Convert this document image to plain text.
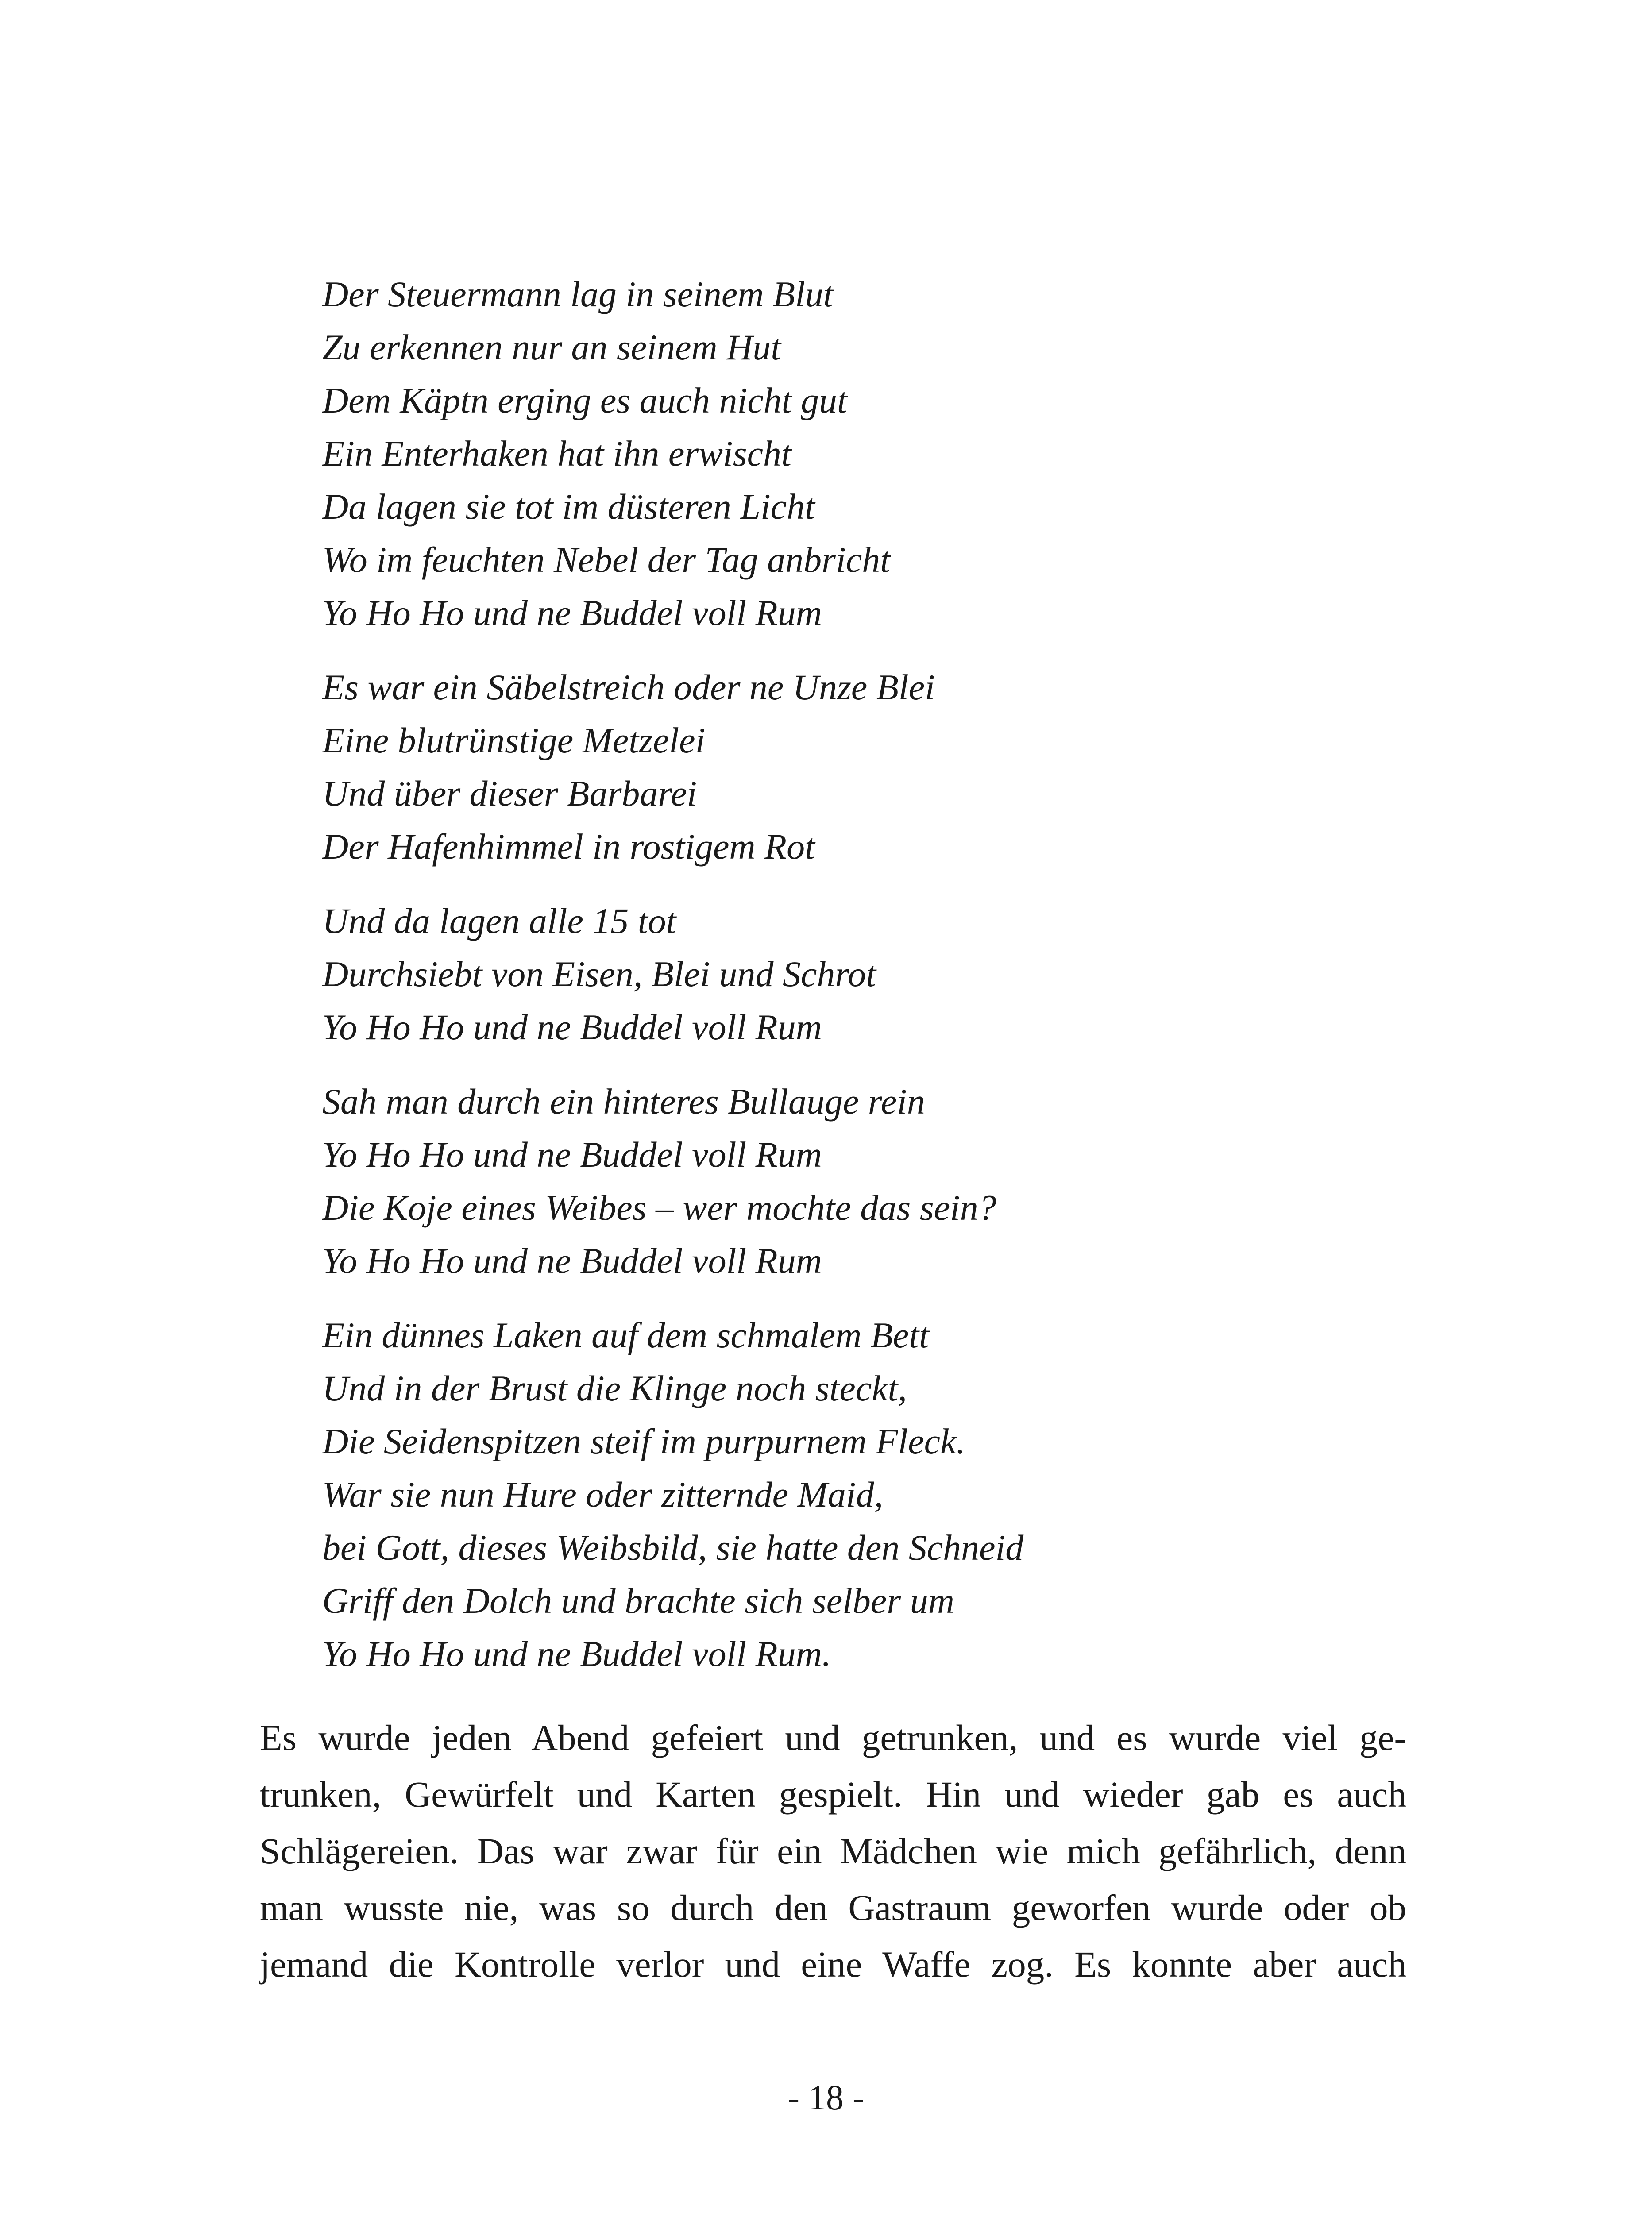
Der Steuermann lag in seinem Blut
Zu erkennen nur an seinem Hut
Dem Käptn erging es auch nicht gut
Ein Enterhaken hat ihn erwischt
Da lagen sie tot im düsteren Licht
Wo im feuchten Nebel der Tag anbricht
Yo Ho Ho und ne Buddel voll Rum
Es war ein Säbelstreich oder ne Unze Blei
Eine blutrünstige Metzelei
Und über dieser Barbarei
Der Hafenhimmel in rostigem Rot
Und da lagen alle 15 tot
Durchsiebt von Eisen, Blei und Schrot
Yo Ho Ho und ne Buddel voll Rum
Sah man durch ein hinteres Bullauge rein
Yo Ho Ho und ne Buddel voll Rum
Die Koje eines Weibes – wer mochte das sein?
Yo Ho Ho und ne Buddel voll Rum
Ein dünnes Laken auf dem schmalem Bett
Und in der Brust die Klinge noch steckt,
Die Seidenspitzen steif im purpurnem Fleck.
War sie nun Hure oder zitternde Maid,
bei Gott, dieses Weibsbild, sie hatte den Schneid
Griff den Dolch und brachte sich selber um
Yo Ho Ho und ne Buddel voll Rum.
Es wurde jeden Abend gefeiert und getrunken, und es wurde viel ge-
trunken, Gewürfelt und Karten gespielt. Hin und wieder gab es auch
Schlägereien. Das war zwar für ein Mädchen wie mich gefährlich, denn
man wusste nie, was so durch den Gastraum geworfen wurde oder ob
jemand die Kontrolle verlor und eine Waffe zog. Es konnte aber auch
- 18 -
